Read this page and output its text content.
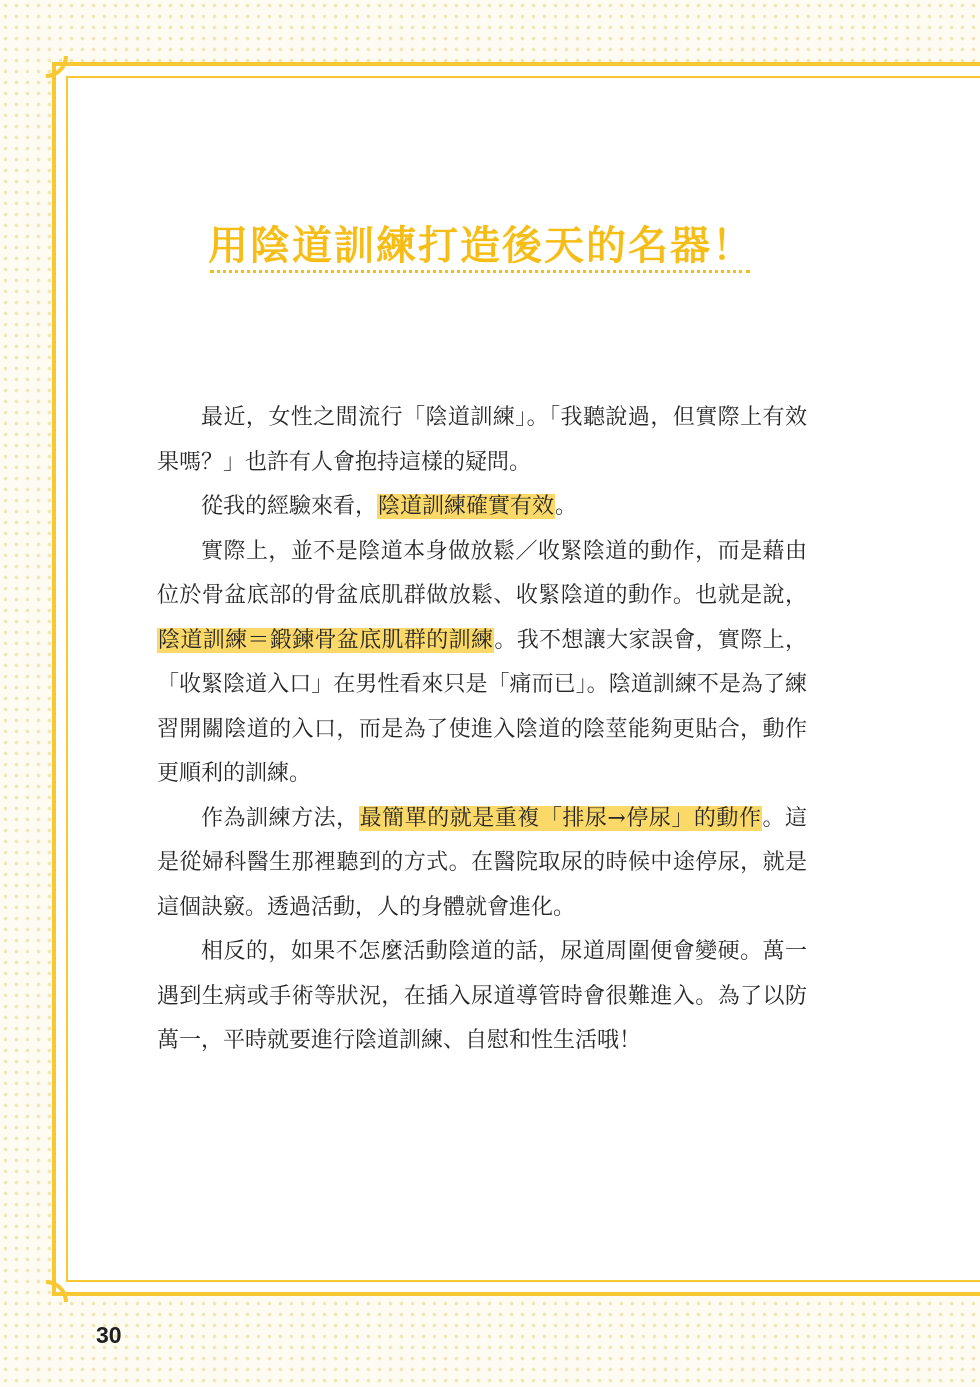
用陰道訓練打造後天的名器！

最近，女性之間流行「陰道訓練」。「我聽說過，但實際上有效果嗎？」也許有人會抱持這樣的疑問。

從我的經驗來看，陰道訓練確實有效。

實際上，並不是陰道本身做放鬆／收緊陰道的動作，而是藉由位於骨盆底部的骨盆底肌群做放鬆、收緊陰道的動作。也就是說，陰道訓練＝鍛鍊骨盆底肌群的訓練。我不想讓大家誤會，實際上，「收緊陰道入口」在男性看來只是「痛而已」。陰道訓練不是為了練習開關陰道的入口，而是為了使進入陰道的陰莖能夠更貼合，動作更順利的訓練。

作為訓練方法，最簡單的就是重複「排尿→停尿」的動作。這是從婦科醫生那裡聽到的方式。在醫院取尿的時候中途停尿，就是這個訣竅。透過活動，人的身體就會進化。

相反的，如果不怎麼活動陰道的話，尿道周圍便會變硬。萬一遇到生病或手術等狀況，在插入尿道導管時會很難進入。為了以防萬一，平時就要進行陰道訓練、自慰和性生活哦！

30
